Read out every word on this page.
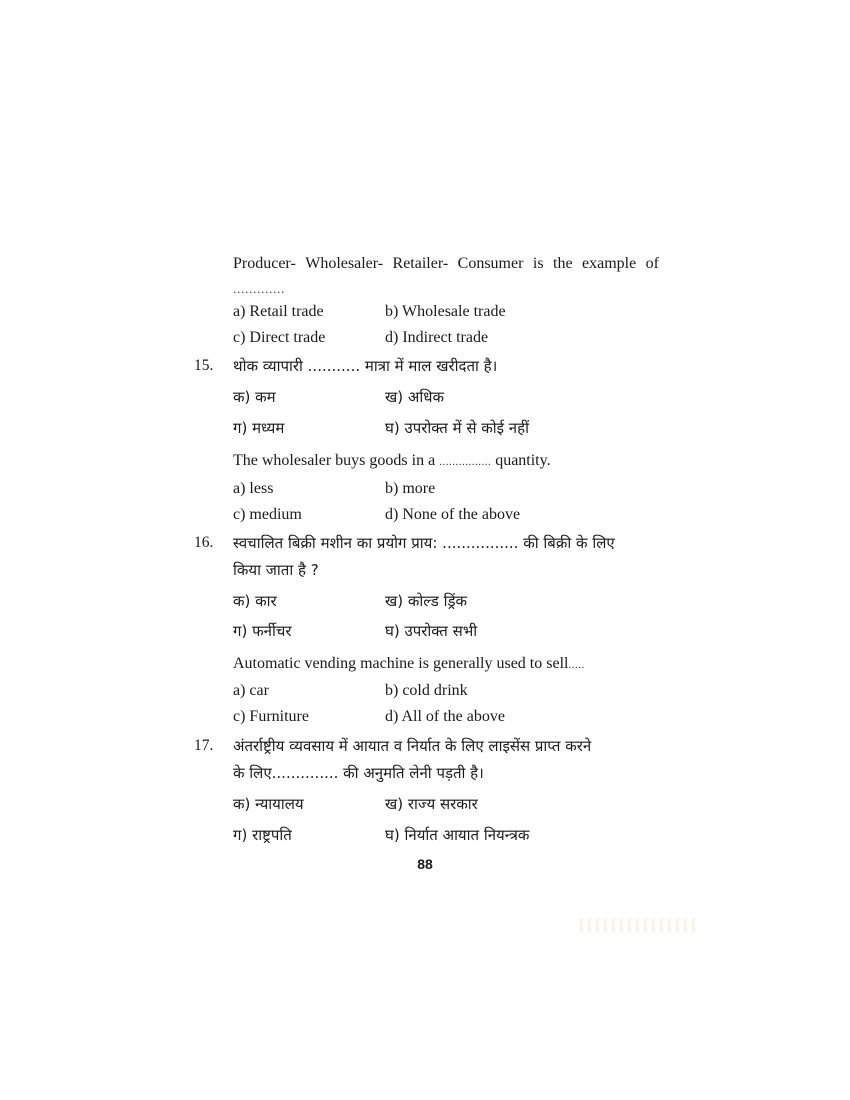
Producer- Wholesaler- Retailer- Consumer is the example of
.............
a) Retail trade	b) Wholesale trade
c) Direct trade	d) Indirect trade
15. थोक व्यापारी ........... मात्रा में माल खरीदता है।
क) कम	ख) अधिक
ग) मध्यम	घ) उपरोक्त में से कोई नहीं
The wholesaler buys goods in a ................ quantity.
a) less	b) more
c) medium	d) None of the above
16. स्वचालित बिक्री मशीन का प्रयोग प्राय: ................ की बिक्री के लिए
किया जाता है ?
क) कार	ख) कोल्ड ड्रिंक
ग) फर्नीचर	घ) उपरोक्त सभी
Automatic vending machine is generally used to sell.....
a) car	b) cold drink
c) Furniture	d) All of the above
17. अंतर्राष्ट्रीय व्यवसाय में आयात व निर्यात के लिए लाइसेंस प्राप्त करने
के लिए.............. की अनुमति लेनी पड़ती है।
क) न्यायालय	ख) राज्य सरकार
ग) राष्ट्रपति	घ) निर्यात आयात नियन्त्रक
88
